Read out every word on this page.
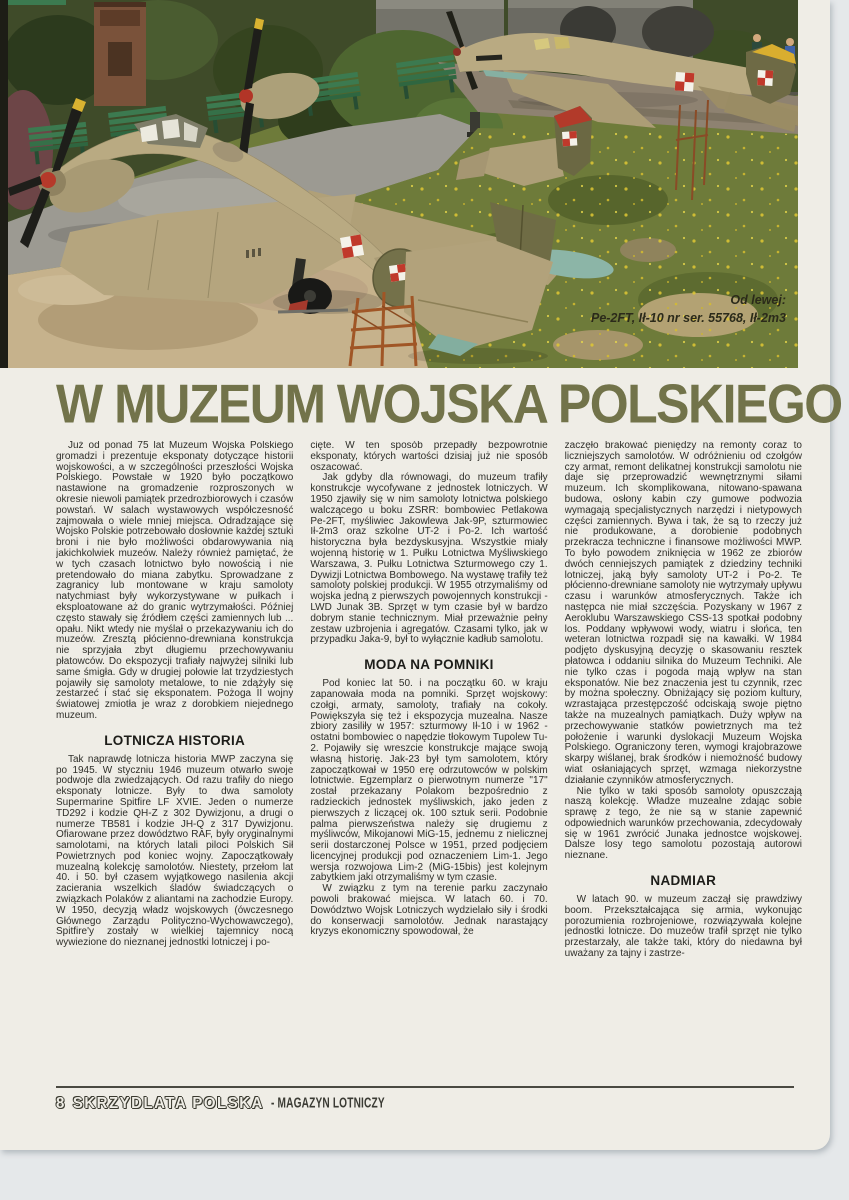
Od lewej:
Pe-2FT, Ił-10 nr ser. 55768, Ił-2m3
W MUZEUM WOJSKA POLSKIEGO

Już od ponad 75 lat Muzeum Wojska Polskiego gromadzi i prezentuje eksponaty dotyczące historii wojskowości, a w szczególności przeszłości Wojska Polskiego. Powstałe w 1920 było początkowo nastawione na gromadzenie rozproszonych w okresie niewoli pamiątek przedrozbiorowych i czasów powstań. W salach wystawowych współczesność zajmowała o wiele mniej miejsca. Odradzające się Wojsko Polskie potrzebowało dosłownie każdej sztuki broni i nie było możliwości obdarowywania nią jakichkolwiek muzeów. Należy również pamiętać, że w tych czasach lotnictwo było nowością i nie pretendowało do miana zabytku. Sprowadzane z zagranicy lub montowane w kraju samoloty natychmiast były wykorzystywane w pułkach i eksploatowane aż do granic wytrzymałości. Później często stawały się źródłem części zamiennych lub ... opału. Nikt wtedy nie myślał o przekazywaniu ich do muzeów. Zresztą płócienno-drewniana konstrukcja nie sprzyjała zbyt długiemu przechowywaniu płatowców. Do ekspozycji trafiały najwyżej silniki lub same śmigła. Gdy w drugiej połowie lat trzydziestych pojawiły się samoloty metalowe, to nie zdążyły się zestarzeć i stać się eksponatem. Pożoga II wojny światowej zmiotła je wraz z dorobkiem niejednego muzeum.

LOTNICZA HISTORIA

Tak naprawdę lotnicza historia MWP zaczyna się po 1945. W styczniu 1946 muzeum otwarło swoje podwoje dla zwiedzających. Od razu trafiły do niego eksponaty lotnicze. Były to dwa samoloty Supermarine Spitfire LF XVIE. Jeden o numerze TD292 i kodzie QH-Z z 302 Dywizjonu, a drugi o numerze TB581 i kodzie JH-Q z 317 Dywizjonu. Ofiarowane przez dowództwo RAF, były oryginalnymi samolotami, na których latali piloci Polskich Sił Powietrznych pod koniec wojny. Zapoczątkowały muzealną kolekcję samolotów. Niestety, przełom lat 40. i 50. był czasem wyjątkowego nasilenia akcji zacierania wszelkich śladów świadczących o związkach Polaków z aliantami na zachodzie Europy. W 1950, decyzją władz wojskowych (ówczesnego Głównego Zarządu Polityczno-Wychowawczego), Spitfire'y zostały w wielkiej tajemnicy nocą wywiezione do nieznanej jednostki lotniczej i po-

cięte. W ten sposób przepadły bezpowrotnie eksponaty, których wartości dzisiaj już nie sposób oszacować.

Jak gdyby dla równowagi, do muzeum trafiły konstrukcje wycofywane z jednostek lotniczych. W 1950 zjawiły się w nim samoloty lotnictwa polskiego walczącego u boku ZSRR: bombowiec Petlakowa Pe-2FT, myśliwiec Jakowlewa Jak-9P, szturmowiec Ił-2m3 oraz szkolne UT-2 i Po-2. Ich wartość historyczna była bezdyskusyjna. Wszystkie miały wojenną historię w 1. Pułku Lotnictwa Myśliwskiego Warszawa, 3. Pułku Lotnictwa Szturmowego czy 1. Dywizji Lotnictwa Bombowego. Na wystawę trafiły też samoloty polskiej produkcji. W 1955 otrzymaliśmy od wojska jedną z pierwszych powojennych konstrukcji - LWD Junak 3B. Sprzęt w tym czasie był w bardzo dobrym stanie technicznym. Miał przeważnie pełny zestaw uzbrojenia i agregatów. Czasami tylko, jak w przypadku Jaka-9, był to wyłącznie kadłub samolotu.

MODA NA POMNIKI

Pod koniec lat 50. i na początku 60. w kraju zapanowała moda na pomniki. Sprzęt wojskowy: czołgi, armaty, samoloty, trafiały na cokoły. Powiększyła się też i ekspozycja muzealna. Nasze zbiory zasiliły w 1957: szturmowy Ił-10 i w 1962 - ostatni bombowiec o napędzie tłokowym Tupolew Tu-2. Pojawiły się wreszcie konstrukcje mające swoją własną historię. Jak-23 był tym samolotem, który zapoczątkował w 1950 erę odrzutowców w polskim lotnictwie. Egzemplarz o pierwotnym numerze "17" został przekazany Polakom bezpośrednio z radzieckich jednostek myśliwskich, jako jeden z pierwszych z liczącej ok. 100 sztuk serii. Podobnie palma pierwszeństwa należy się drugiemu z myśliwców, Mikojanowi MiG-15, jednemu z nielicznej serii dostarczonej Polsce w 1951, przed podjęciem licencyjnej produkcji pod oznaczeniem Lim-1. Jego wersja rozwojowa Lim-2 (MiG-15bis) jest kolejnym zabytkiem jaki otrzymaliśmy w tym czasie.

W związku z tym na terenie parku zaczynało powoli brakować miejsca. W latach 60. i 70. Dowództwo Wojsk Lotniczych wydzielało siły i środki do konserwacji samolotów. Jednak narastający kryzys ekonomiczny spowodował, że

zaczęło brakować pieniędzy na remonty coraz to liczniejszych samolotów. W odróżnieniu od czołgów czy armat, remont delikatnej konstrukcji samolotu nie daje się przeprowadzić wewnętrznymi siłami muzeum. Ich skomplikowana, nitowano-spawana budowa, osłony kabin czy gumowe podwozia wymagają specjalistycznych narzędzi i nietypowych części zamiennych. Bywa i tak, że są to rzeczy już nie produkowane, a dorobienie podobnych przekracza techniczne i finansowe możliwości MWP. To było powodem zniknięcia w 1962 ze zbiorów dwóch cenniejszych pamiątek z dziedziny techniki lotniczej, jaką były samoloty UT-2 i Po-2. Te płócienno-drewniane samoloty nie wytrzymały upływu czasu i warunków atmosferycznych. Także ich następca nie miał szczęścia. Pozyskany w 1967 z Aeroklubu Warszawskiego CSS-13 spotkał podobny los. Poddany wpływowi wody, wiatru i słońca, ten weteran lotnictwa rozpadł się na kawałki. W 1984 podjęto dyskusyjną decyzję o skasowaniu resztek płatowca i oddaniu silnika do Muzeum Techniki. Ale nie tylko czas i pogoda mają wpływ na stan eksponatów. Nie bez znaczenia jest tu czynnik, rzec by można społeczny. Obniżający się poziom kultury, wzrastająca przestępczość odciskają swoje piętno także na muzealnych pamiątkach. Duży wpływ na przechowywanie statków powietrznych ma też położenie i warunki dyslokacji Muzeum Wojska Polskiego. Ograniczony teren, wymogi krajobrazowe skarpy wiślanej, brak środków i niemożność budowy wiat osłaniających sprzęt, wzmaga niekorzystne działanie czynników atmosferycznych.

Nie tylko w taki sposób samoloty opuszczają naszą kolekcję. Władze muzealne zdając sobie sprawę z tego, że nie są w stanie zapewnić odpowiednich warunków przechowania, zdecydowały się w 1961 zwrócić Junaka jednostce wojskowej. Dalsze losy tego samolotu pozostają autorowi nieznane.

NADMIAR

W latach 90. w muzeum zaczął się prawdziwy boom. Przekształcająca się armia, wykonując porozumienia rozbrojeniowe, rozwiązywała kolejne jednostki lotnicze. Do muzeów trafił sprzęt nie tylko przestarzały, ale także taki, który do niedawna był uważany za tajny i zastrze-

8 SKRZYDLATA POLSKA - MAGAZYN LOTNICZY
